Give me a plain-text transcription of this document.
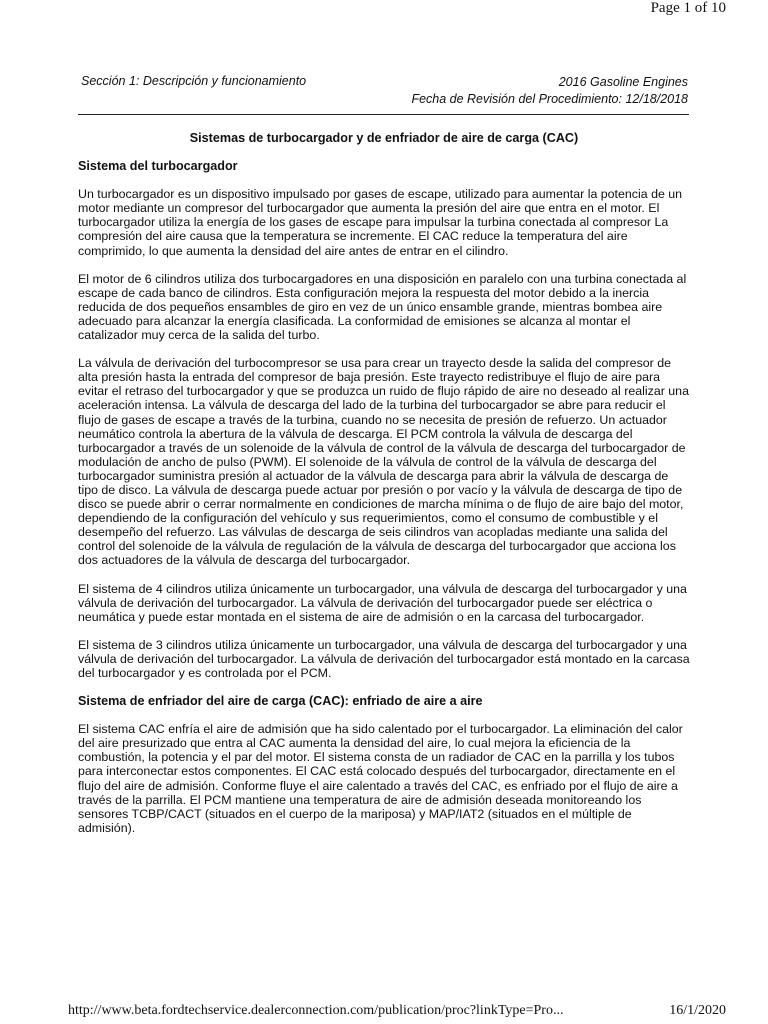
Page 1 of 10
Sección 1: Descripción y funcionamiento	2016 Gasoline Engines
Fecha de Revisión del Procedimiento: 12/18/2018
Sistemas de turbocargador y de enfriador de aire de carga (CAC)
Sistema del turbocargador

Un turbocargador es un dispositivo impulsado por gases de escape, utilizado para aumentar la potencia de un motor mediante un compresor del turbocargador que aumenta la presión del aire que entra en el motor. El turbocargador utiliza la energía de los gases de escape para impulsar la turbina conectada al compresor La compresión del aire causa que la temperatura se incremente. El CAC reduce la temperatura del aire comprimido, lo que aumenta la densidad del aire antes de entrar en el cilindro.

El motor de 6 cilindros utiliza dos turbocargadores en una disposición en paralelo con una turbina conectada al escape de cada banco de cilindros. Esta configuración mejora la respuesta del motor debido a la inercia reducida de dos pequeños ensambles de giro en vez de un único ensamble grande, mientras bombea aire adecuado para alcanzar la energía clasificada. La conformidad de emisiones se alcanza al montar el catalizador muy cerca de la salida del turbo.

La válvula de derivación del turbocompresor se usa para crear un trayecto desde la salida del compresor de alta presión hasta la entrada del compresor de baja presión. Este trayecto redistribuye el flujo de aire para evitar el retraso del turbocargador y que se produzca un ruido de flujo rápido de aire no deseado al realizar una aceleración intensa. La válvula de descarga del lado de la turbina del turbocargador se abre para reducir el flujo de gases de escape a través de la turbina, cuando no se necesita de presión de refuerzo. Un actuador neumático controla la abertura de la válvula de descarga. El PCM controla la válvula de descarga del turbocargador a través de un solenoide de la válvula de control de la válvula de descarga del turbocargador de modulación de ancho de pulso (PWM). El solenoide de la válvula de control de la válvula de descarga del turbocargador suministra presión al actuador de la válvula de descarga para abrir la válvula de descarga de tipo de disco. La válvula de descarga puede actuar por presión o por vacío y la válvula de descarga de tipo de disco se puede abrir o cerrar normalmente en condiciones de marcha mínima o de flujo de aire bajo del motor, dependiendo de la configuración del vehículo y sus requerimientos, como el consumo de combustible y el desempeño del refuerzo. Las válvulas de descarga de seis cilindros van acopladas mediante una salida del control del solenoide de la válvula de regulación de la válvula de descarga del turbocargador que acciona los dos actuadores de la válvula de descarga del turbocargador.

El sistema de 4 cilindros utiliza únicamente un turbocargador, una válvula de descarga del turbocargador y una válvula de derivación del turbocargador. La válvula de derivación del turbocargador puede ser eléctrica o neumática y puede estar montada en el sistema de aire de admisión o en la carcasa del turbocargador.

El sistema de 3 cilindros utiliza únicamente un turbocargador, una válvula de descarga del turbocargador y una válvula de derivación del turbocargador. La válvula de derivación del turbocargador está montado en la carcasa del turbocargador y es controlada por el PCM.

Sistema de enfriador del aire de carga (CAC): enfriado de aire a aire

El sistema CAC enfría el aire de admisión que ha sido calentado por el turbocargador. La eliminación del calor del aire presurizado que entra al CAC aumenta la densidad del aire, lo cual mejora la eficiencia de la combustión, la potencia y el par del motor. El sistema consta de un radiador de CAC en la parrilla y los tubos para interconectar estos componentes. El CAC está colocado después del turbocargador, directamente en el flujo del aire de admisión. Conforme fluye el aire calentado a través del CAC, es enfriado por el flujo de aire a través de la parrilla. El PCM mantiene una temperatura de aire de admisión deseada monitoreando los sensores TCBP/CACT (situados en el cuerpo de la mariposa) y MAP/IAT2 (situados en el múltiple de admisión).

http://www.beta.fordtechservice.dealerconnection.com/publication/proc?linkType=Pro...	16/1/2020
